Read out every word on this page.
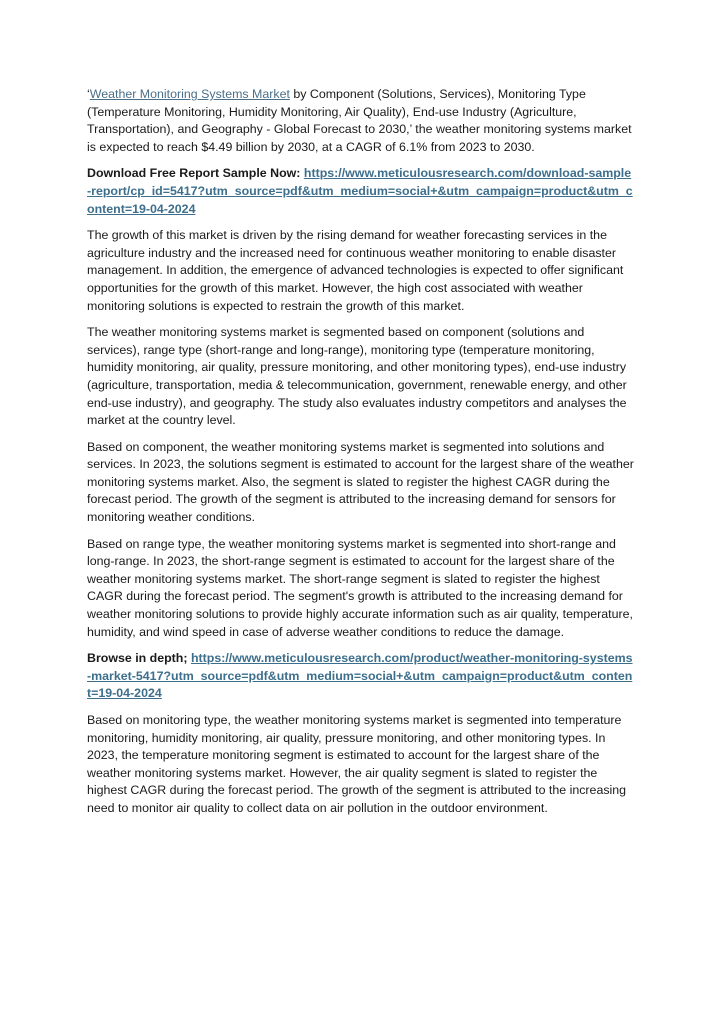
‘Weather Monitoring Systems Market by Component (Solutions, Services), Monitoring Type (Temperature Monitoring, Humidity Monitoring, Air Quality), End-use Industry (Agriculture, Transportation), and Geography - Global Forecast to 2030,’ the weather monitoring systems market is expected to reach $4.49 billion by 2030, at a CAGR of 6.1% from 2023 to 2030.

Download Free Report Sample Now: https://www.meticulousresearch.com/download-sample-report/cp_id=5417?utm_source=pdf&utm_medium=social+&utm_campaign=product&utm_content=19-04-2024

The growth of this market is driven by the rising demand for weather forecasting services in the agriculture industry and the increased need for continuous weather monitoring to enable disaster management. In addition, the emergence of advanced technologies is expected to offer significant opportunities for the growth of this market. However, the high cost associated with weather monitoring solutions is expected to restrain the growth of this market.

The weather monitoring systems market is segmented based on component (solutions and services), range type (short-range and long-range), monitoring type (temperature monitoring, humidity monitoring, air quality, pressure monitoring, and other monitoring types), end-use industry (agriculture, transportation, media & telecommunication, government, renewable energy, and other end-use industry), and geography. The study also evaluates industry competitors and analyses the market at the country level.

Based on component, the weather monitoring systems market is segmented into solutions and services. In 2023, the solutions segment is estimated to account for the largest share of the weather monitoring systems market. Also, the segment is slated to register the highest CAGR during the forecast period. The growth of the segment is attributed to the increasing demand for sensors for monitoring weather conditions.

Based on range type, the weather monitoring systems market is segmented into short-range and long-range. In 2023, the short-range segment is estimated to account for the largest share of the weather monitoring systems market. The short-range segment is slated to register the highest CAGR during the forecast period. The segment's growth is attributed to the increasing demand for weather monitoring solutions to provide highly accurate information such as air quality, temperature, humidity, and wind speed in case of adverse weather conditions to reduce the damage.

Browse in depth; https://www.meticulousresearch.com/product/weather-monitoring-systems-market-5417?utm_source=pdf&utm_medium=social+&utm_campaign=product&utm_content=19-04-2024

Based on monitoring type, the weather monitoring systems market is segmented into temperature monitoring, humidity monitoring, air quality, pressure monitoring, and other monitoring types. In 2023, the temperature monitoring segment is estimated to account for the largest share of the weather monitoring systems market. However, the air quality segment is slated to register the highest CAGR during the forecast period. The growth of the segment is attributed to the increasing need to monitor air quality to collect data on air pollution in the outdoor environment.
